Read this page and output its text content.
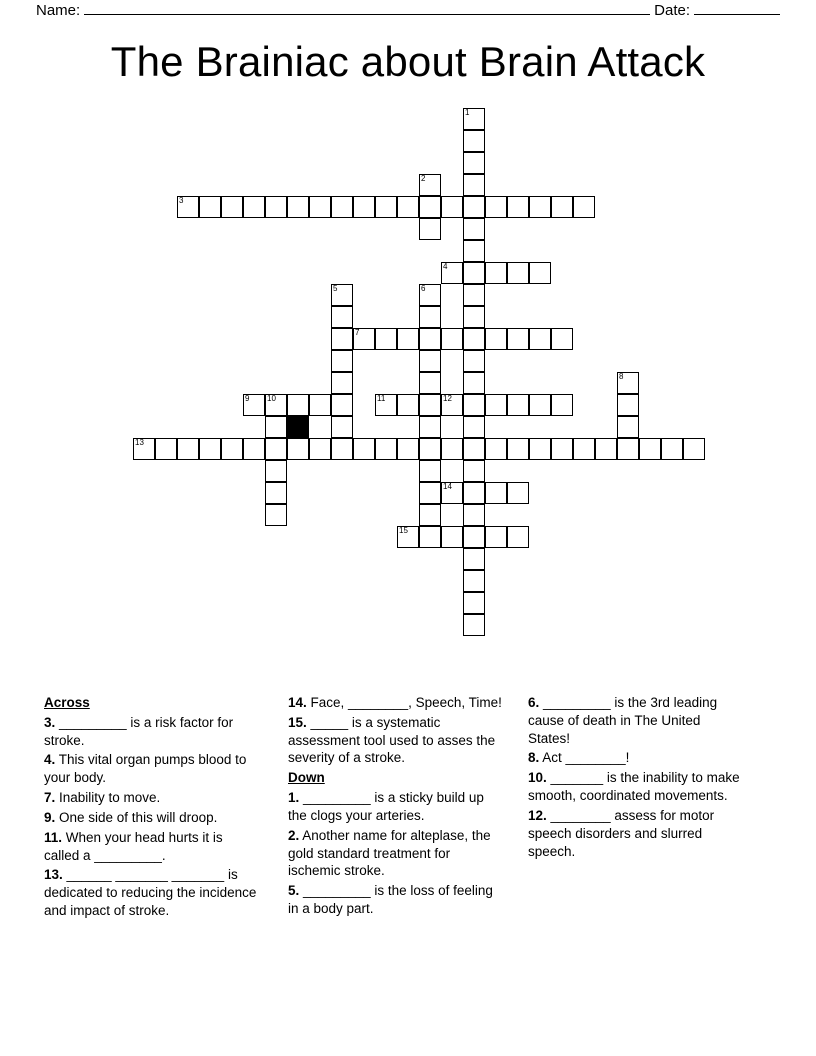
Name:	Date:
The Brainiac about Brain Attack
1
2
3
4
5	6
7
8
9 10	11	12
13
14
15
Across
3. _________ is a risk factor for stroke.
4. This vital organ pumps blood to your body.
7. Inability to move.
9. One side of this will droop.
11. When your head hurts it is called a _________.
13. ______ _______ _______ is dedicated to reducing the incidence and impact of stroke.
14. Face, ________, Speech, Time!
15. _____ is a systematic assessment tool used to asses the severity of a stroke.
Down
1. _________ is a sticky build up the clogs your arteries.
2. Another name for alteplase, the gold standard treatment for ischemic stroke.
5. _________ is the loss of feeling in a body part.
6. _________ is the 3rd leading cause of death in The United States!
8. Act ________!
10. _______ is the inability to make smooth, coordinated movements.
12. ________ assess for motor speech disorders and slurred speech.
